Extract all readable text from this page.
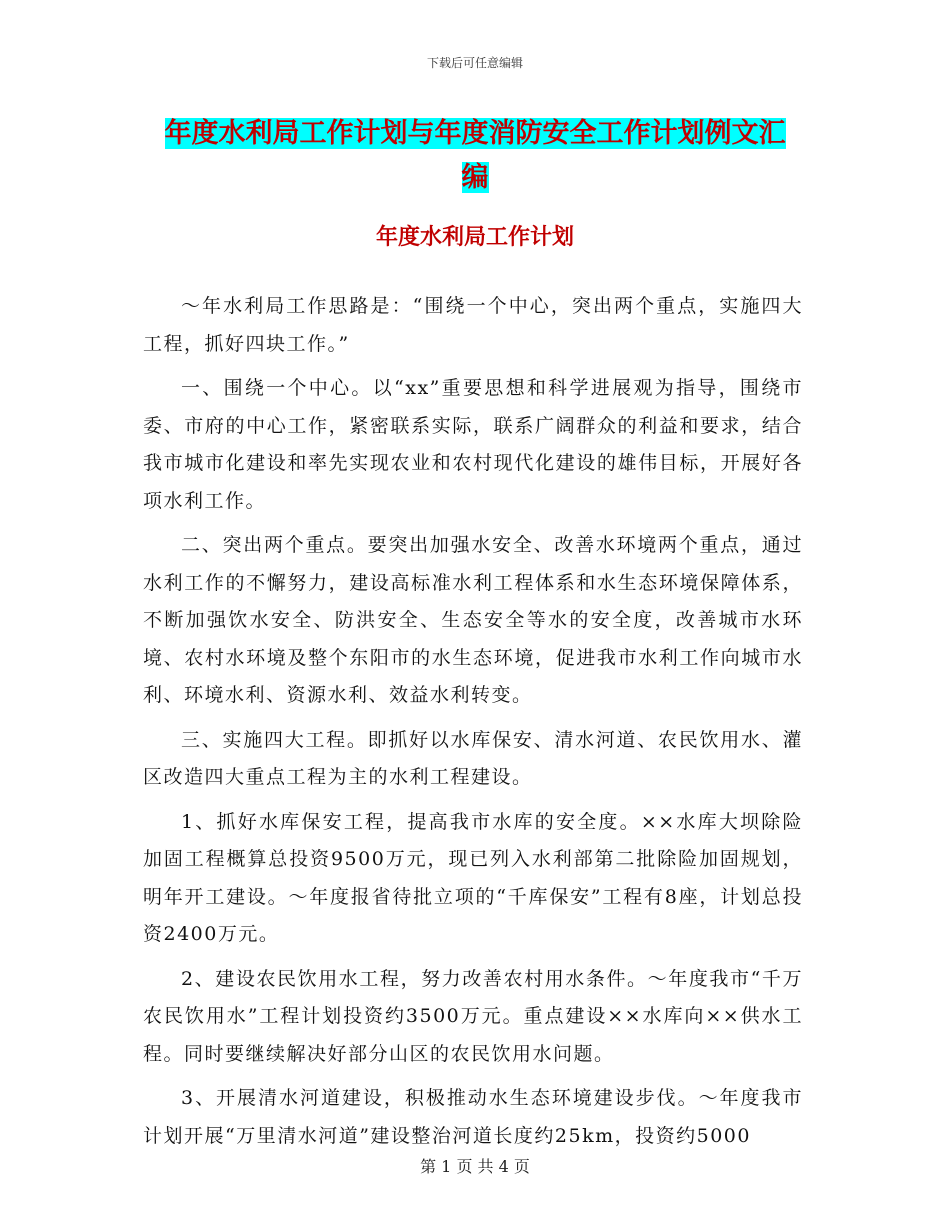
下载后可任意编辑
年度水利局工作计划与年度消防安全工作计划例文汇
编
年度水利局工作计划

～年水利局工作思路是：“围绕一个中心，突出两个重点，实施四大工程，抓好四块工作。”

一、围绕一个中心。以“xx”重要思想和科学进展观为指导，围绕市委、市府的中心工作，紧密联系实际，联系广阔群众的利益和要求，结合我市城市化建设和率先实现农业和农村现代化建设的雄伟目标，开展好各项水利工作。

二、突出两个重点。要突出加强水安全、改善水环境两个重点，通过水利工作的不懈努力，建设高标准水利工程体系和水生态环境保障体系，不断加强饮水安全、防洪安全、生态安全等水的安全度，改善城市水环境、农村水环境及整个东阳市的水生态环境，促进我市水利工作向城市水利、环境水利、资源水利、效益水利转变。

三、实施四大工程。即抓好以水库保安、清水河道、农民饮用水、灌区改造四大重点工程为主的水利工程建设。

1、抓好水库保安工程，提高我市水库的安全度。××水库大坝除险加固工程概算总投资9500万元，现已列入水利部第二批除险加固规划，明年开工建设。～年度报省待批立项的“千库保安”工程有8座，计划总投资2400万元。

2、建设农民饮用水工程，努力改善农村用水条件。～年度我市“千万农民饮用水”工程计划投资约3500万元。重点建设××水库向××供水工程。同时要继续解决好部分山区的农民饮用水问题。

3、开展清水河道建设，积极推动水生态环境建设步伐。～年度我市计划开展“万里清水河道”建设整治河道长度约25km，投资约5000

第 1 页 共 4 页
